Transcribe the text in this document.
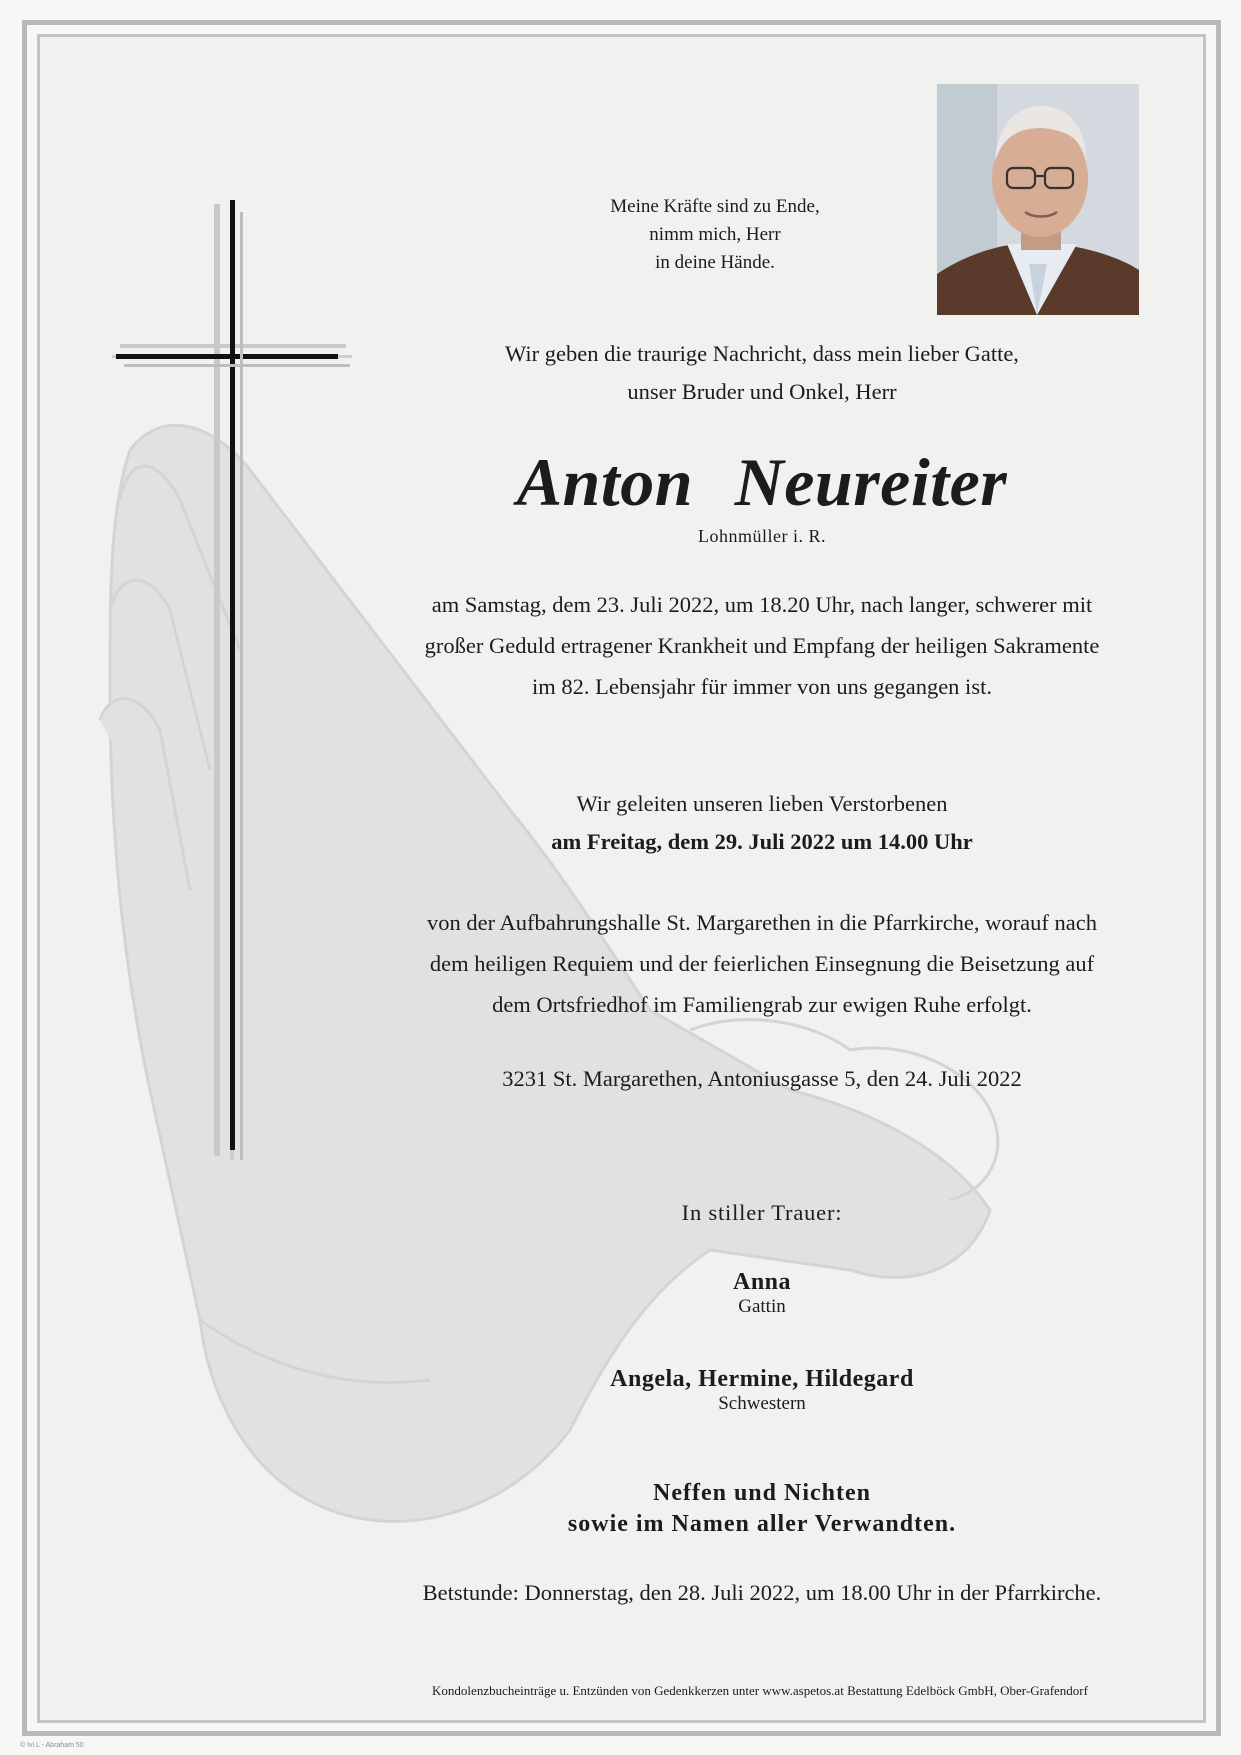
Meine Kräfte sind zu Ende,
nimm mich, Herr
in deine Hände.
Wir geben die traurige Nachricht, dass mein lieber Gatte,
unser Bruder und Onkel, Herr
Anton Neureiter
Lohnmüller i. R.
am Samstag, dem 23. Juli 2022, um 18.20 Uhr, nach langer, schwerer mit
großer Geduld ertragener Krankheit und Empfang der heiligen Sakramente
im 82. Lebensjahr für immer von uns gegangen ist.
Wir geleiten unseren lieben Verstorbenen
am Freitag, dem 29. Juli 2022 um 14.00 Uhr
von der Aufbahrungshalle St. Margarethen in die Pfarrkirche, worauf nach
dem heiligen Requiem und der feierlichen Einsegnung die Beisetzung auf
dem Ortsfriedhof im Familiengrab zur ewigen Ruhe erfolgt.
3231 St. Margarethen, Antoniusgasse 5, den 24. Juli 2022
In stiller Trauer:
Anna
Gattin
Angela, Hermine, Hildegard
Schwestern
Neffen und Nichten
sowie im Namen aller Verwandten.
Betstunde: Donnerstag, den 28. Juli 2022, um 18.00 Uhr in der Pfarrkirche.
Kondolenzbucheinträge u. Entzünden von Gedenkkerzen unter www.aspetos.at Bestattung Edelböck GmbH, Ober-Grafendorf
© Ivi L - Abraham 50
